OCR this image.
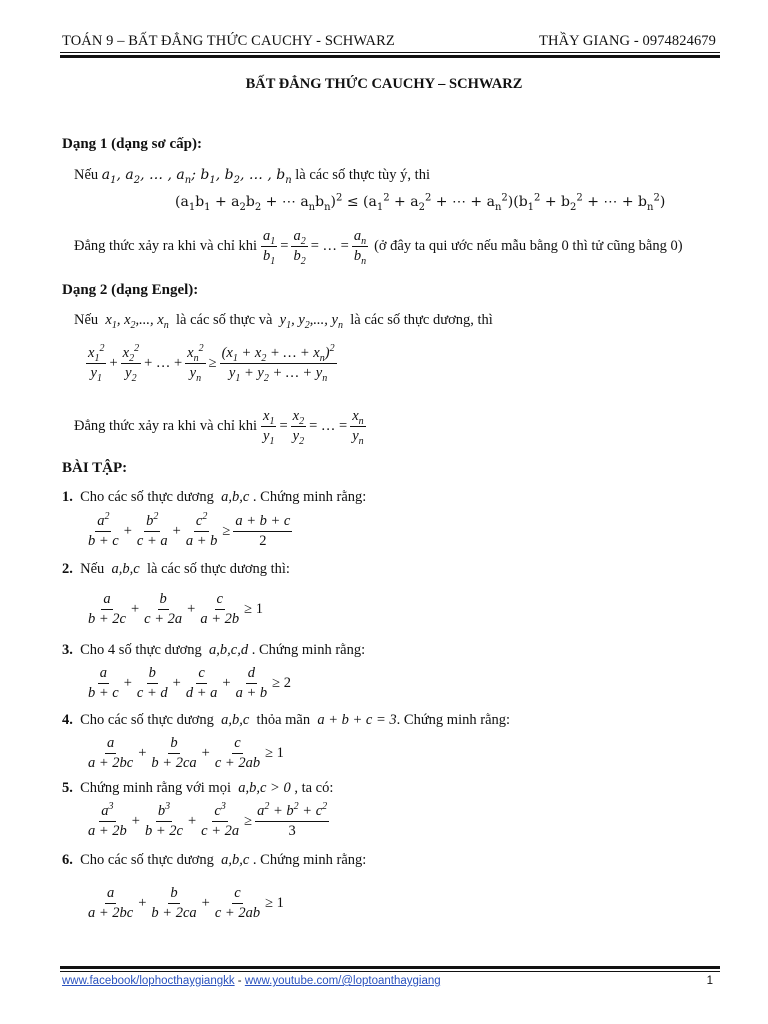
TOÁN 9 – BẤT ĐẲNG THỨC CAUCHY - SCHWARZ	THẦY GIANG - 0974824679
BẤT ĐẲNG THỨC CAUCHY – SCHWARZ
Dạng 1 (dạng sơ cấp):
Nếu $a_1$, $a_2$, … , $a_n$; $b_1$, $b_2$, … , $b_n$ là các số thực tùy ý, thi
($a_1b_1 + a_2b_2$ + ⋯ $a_nb_n)^2 \le (a_1^2 + a_2^2$ + ⋯ + $a_n^2)(b_1^2 + b_2^2$ + ⋯ + $b_n^2$)
Đẳng thức xảy ra khi và chỉ khi $\frac{a_1}{b_1} = \frac{a_2}{b_2}$ = … = $\frac{a_n}{b_n}$ (ở đây ta qui ước nếu mẫu bằng 0 thì tử cũng bằng 0)
Dạng 2 (dạng Engel):
Nếu  $x_1$, $x_2$,..., $x_n$ là các số thực và  $y_1$, $y_2$,..., $y_n$ là các số thực dương, thì
$\frac{x_1^2}{y_1} + \frac{x_2^2}{y_2}$ + … + $\frac{x_n^2}{y_n} \ge \frac{(x_1 + x_2 + \dots + x_n)^2}{y_1 + y_2 + \dots + y_n}$
Đẳng thức xảy ra khi và chỉ khi $\frac{x_1}{y_1} = \frac{x_2}{y_2}$ = … = $\frac{x_n}{y_n}$
BÀI TẬP:
1. Cho các số thực dương a,b,c . Chứng minh rằng:
$\frac{a^2}{b + c} + \frac{b^2}{c + a} + \frac{c^2}{a + b} \ge \frac{a + b + c}{2}$
2. Nếu a,b,c là các số thực dương thì:
$\frac{a}{b + 2c} + \frac{b}{c + 2a} + \frac{c}{a + 2b} \ge 1$
3. Cho 4 số thực dương a,b,c,d . Chứng minh rằng:
$\frac{a}{b + c} + \frac{b}{c + d} + \frac{c}{d + a} + \frac{d}{a + b} \ge 2$
4. Cho các số thực dương a,b,c thỏa mãn a + b + c = 3. Chứng minh rằng:
$\frac{a}{a + 2bc} + \frac{b}{b + 2ca} + \frac{c}{c + 2ab} \ge 1$
5. Chứng minh rằng với mọi a,b,c > 0 , ta có:
$\frac{a^3}{a + 2b} + \frac{b^3}{b + 2c} + \frac{c^3}{c + 2a} \ge \frac{a^2 + b^2 + c^2}{3}$
6. Cho các số thực dương a,b,c . Chứng minh rằng:
$\frac{a}{a + 2bc} + \frac{b}{b + 2ca} + \frac{c}{c + 2ab} \ge 1$
www.facebook/lophocthaygiangkk - www.youtube.com/@loptoanthaygiang	1
